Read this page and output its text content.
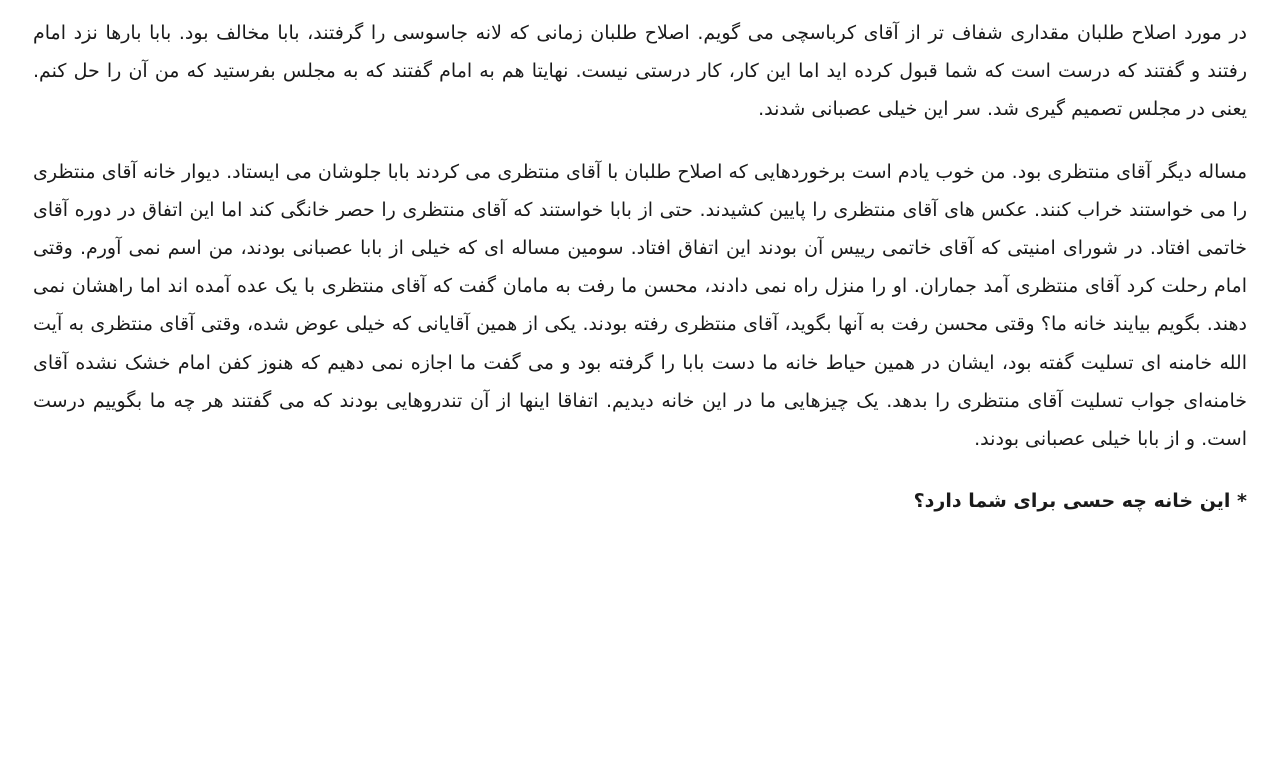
در مورد اصلاح طلبان مقداری شفاف تر از آقای کرباسچی می گویم. اصلاح طلبان زمانی که لانه جاسوسی را گرفتند، بابا مخالف بود. بابا بارها نزد امام رفتند و گفتند که درست است که شما قبول کرده اید اما این کار، کار درستی نیست. نهایتا هم به امام گفتند که به مجلس بفرستید که من آن را حل کنم. یعنی در مجلس تصمیم گیری شد. سر این خیلی عصبانی شدند.

مساله دیگر آقای منتظری بود. من خوب یادم است برخوردهایی که اصلاح طلبان با آقای منتظری می کردند بابا جلوشان می ایستاد. دیوار خانه آقای منتظری را می خواستند خراب کنند. عکس های آقای منتظری را پایین کشیدند. حتی از بابا خواستند که آقای منتظری را حصر خانگی کند اما این اتفاق در دوره آقای خاتمی افتاد. در شورای امنیتی که آقای خاتمی رییس آن بودند این اتفاق افتاد. سومین مساله ای که خیلی از بابا عصبانی بودند، من اسم نمی آورم. وقتی امام رحلت کرد آقای منتظری آمد جماران. او را منزل راه نمی دادند، محسن ما رفت به مامان گفت که آقای منتظری با یک عده آمده اند اما راهشان نمی دهند. بگویم بیایند خانه ما؟ وقتی محسن رفت به آنها بگوید، آقای منتظری رفته بودند. یکی از همین آقایانی که خیلی عوض شده، وقتی آقای منتظری به آیت الله خامنه ای تسلیت گفته بود، ایشان در همین حیاط خانه ما دست بابا را گرفته بود و می گفت ما اجازه نمی دهیم که هنوز کفن امام خشک نشده آقای خامنه‌ای جواب تسلیت آقای منتظری را بدهد. یک چیزهایی ما در این خانه دیدیم. اتفاقا اینها از آن تندروهایی بودند که می گفتند هر چه ما بگوییم درست است. و از بابا خیلی عصبانی بودند.

* این خانه چه حسی برای شما دارد؟
